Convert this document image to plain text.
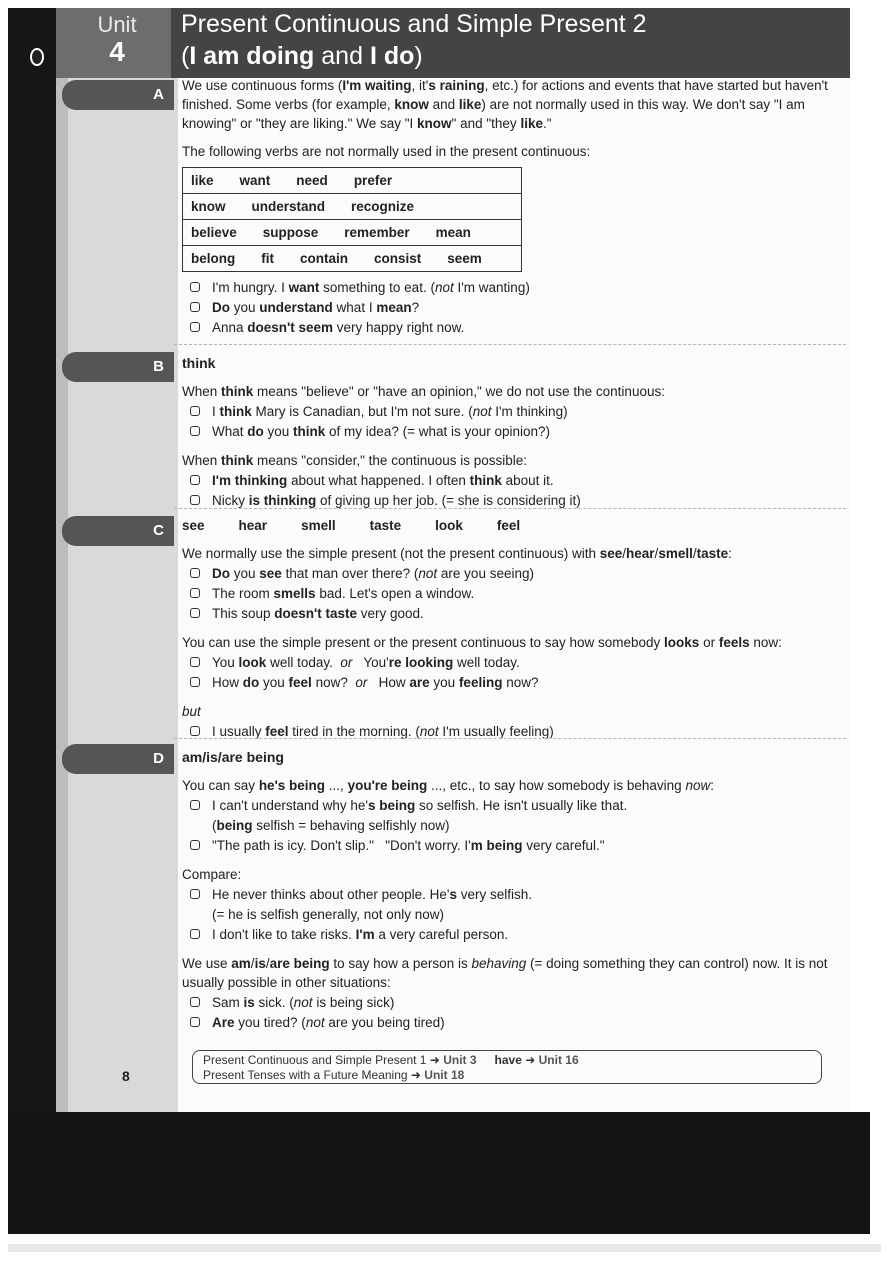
Unit
4
Present Continuous and Simple Present 2
(I am doing and I do)
A

We use continuous forms (I'm waiting, it's raining, etc.) for actions and events that have started but haven't finished. Some verbs (for example, know and like) are not normally used in this way. We don't say "I am knowing" or "they are liking." We say "I know" and "they like."

The following verbs are not normally used in the present continuous:

like want need prefer
know understand recognize
believe suppose remember mean
belong fit contain consist seem
I'm hungry. I want something to eat. (not I'm wanting)
Do you understand what I mean?
Anna doesn't seem very happy right now.
B	think

When think means "believe" or "have an opinion," we do not use the continuous:

I think Mary is Canadian, but I'm not sure. (not I'm thinking)
What do you think of my idea? (= what is your opinion?)

When think means "consider," the continuous is possible:

I'm thinking about what happened. I often think about it.
Nicky is thinking of giving up her job. (= she is considering it)
C	see	hear	smell	taste	look	feel

We normally use the simple present (not the present continuous) with see/hear/smell/taste:

Do you see that man over there? (not are you seeing)
The room smells bad. Let's open a window.
This soup doesn't taste very good.

You can use the simple present or the present continuous to say how somebody looks or feels now:

You look well today.  or   You're looking well today.
How do you feel now?  or   How are you feeling now?

but

I usually feel tired in the morning. (not I'm usually feeling)
D	am/is/are being

You can say he's being ..., you're being ..., etc., to say how somebody is behaving now:

I can't understand why he's being so selfish. He isn't usually like that.
(being selfish = behaving selfishly now)
"The path is icy. Don't slip."   "Don't worry. I'm being very careful."

Compare:

He never thinks about other people. He's very selfish.
(= he is selfish generally, not only now)
I don't like to take risks. I'm a very careful person.

We use am/is/are being to say how a person is behaving (= doing something they can control) now. It is not usually possible in other situations:

Sam is sick. (not is being sick)
Are you tired? (not are you being tired)
8
Present Continuous and Simple Present 1 ➜ Unit 3 have ➜ Unit 16
Present Tenses with a Future Meaning ➜ Unit 18
